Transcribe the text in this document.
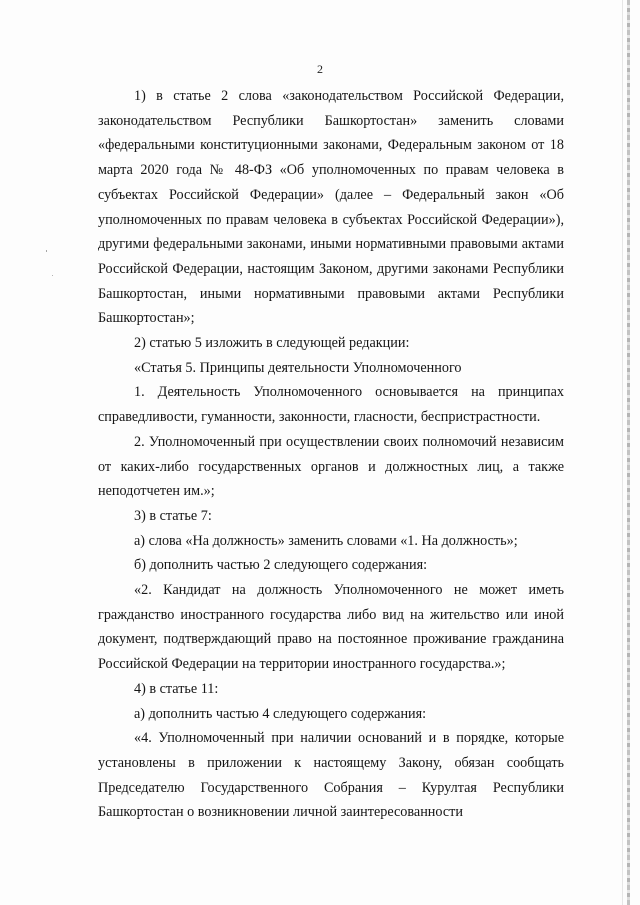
2

1) в статье 2 слова «законодательством Российской Федерации, законодательством Республики Башкортостан» заменить словами «федеральными конституционными законами, Федеральным законом от 18 марта 2020 года № 48-ФЗ «Об уполномоченных по правам человека в субъектах Российской Федерации» (далее – Федеральный закон «Об уполномоченных по правам человека в субъектах Российской Федерации»), другими федеральными законами, иными нормативными правовыми актами Российской Федерации, настоящим Законом, другими законами Республики Башкортостан, иными нормативными правовыми актами Республики Башкортостан»;

2) статью 5 изложить в следующей редакции:

«Статья 5. Принципы деятельности Уполномоченного

1. Деятельность Уполномоченного основывается на принципах справедливости, гуманности, законности, гласности, беспристрастности.

2. Уполномоченный при осуществлении своих полномочий независим от каких-либо государственных органов и должностных лиц, а также неподотчетен им.»;

3) в статье 7:

а) слова «На должность» заменить словами «1. На должность»;

б) дополнить частью 2 следующего содержания:

«2. Кандидат на должность Уполномоченного не может иметь гражданство иностранного государства либо вид на жительство или иной документ, подтверждающий право на постоянное проживание гражданина Российской Федерации на территории иностранного государства.»;

4) в статье 11:

а) дополнить частью 4 следующего содержания:

«4. Уполномоченный при наличии оснований и в порядке, которые установлены в приложении к настоящему Закону, обязан сообщать Председателю Государственного Собрания – Курултая Республики Башкортостан о возникновении личной заинтересованности
